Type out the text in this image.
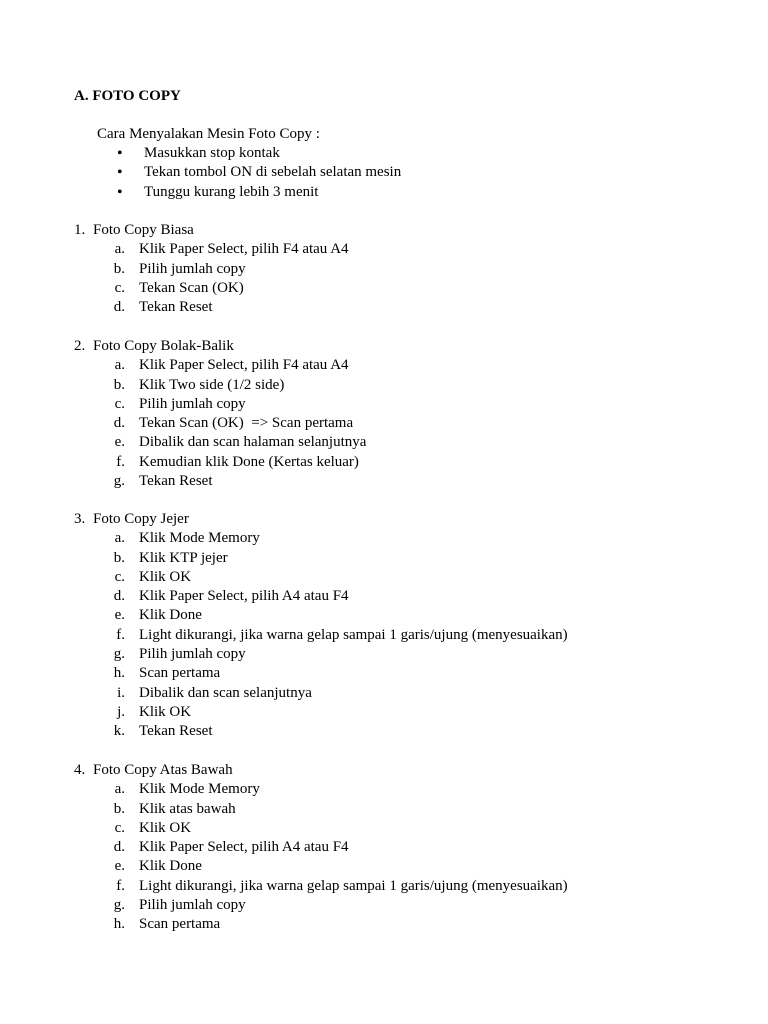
A. FOTO COPY
Cara Menyalakan Mesin Foto Copy :
• Masukkan stop kontak
• Tekan tombol ON di sebelah selatan mesin
• Tunggu kurang lebih 3 menit
1. Foto Copy Biasa
a. Klik Paper Select, pilih F4 atau A4
b. Pilih jumlah copy
c. Tekan Scan (OK)
d. Tekan Reset
2. Foto Copy Bolak-Balik
a. Klik Paper Select, pilih F4 atau A4
b. Klik Two side (1/2 side)
c. Pilih jumlah copy
d. Tekan Scan (OK)  => Scan pertama
e. Dibalik dan scan halaman selanjutnya
f. Kemudian klik Done (Kertas keluar)
g. Tekan Reset
3. Foto Copy Jejer
a. Klik Mode Memory
b. Klik KTP jejer
c. Klik OK
d. Klik Paper Select, pilih A4 atau F4
e. Klik Done
f. Light dikurangi, jika warna gelap sampai 1 garis/ujung (menyesuaikan)
g. Pilih jumlah copy
h. Scan pertama
i. Dibalik dan scan selanjutnya
j. Klik OK
k. Tekan Reset
4. Foto Copy Atas Bawah
a. Klik Mode Memory
b. Klik atas bawah
c. Klik OK
d. Klik Paper Select, pilih A4 atau F4
e. Klik Done
f. Light dikurangi, jika warna gelap sampai 1 garis/ujung (menyesuaikan)
g. Pilih jumlah copy
h. Scan pertama
